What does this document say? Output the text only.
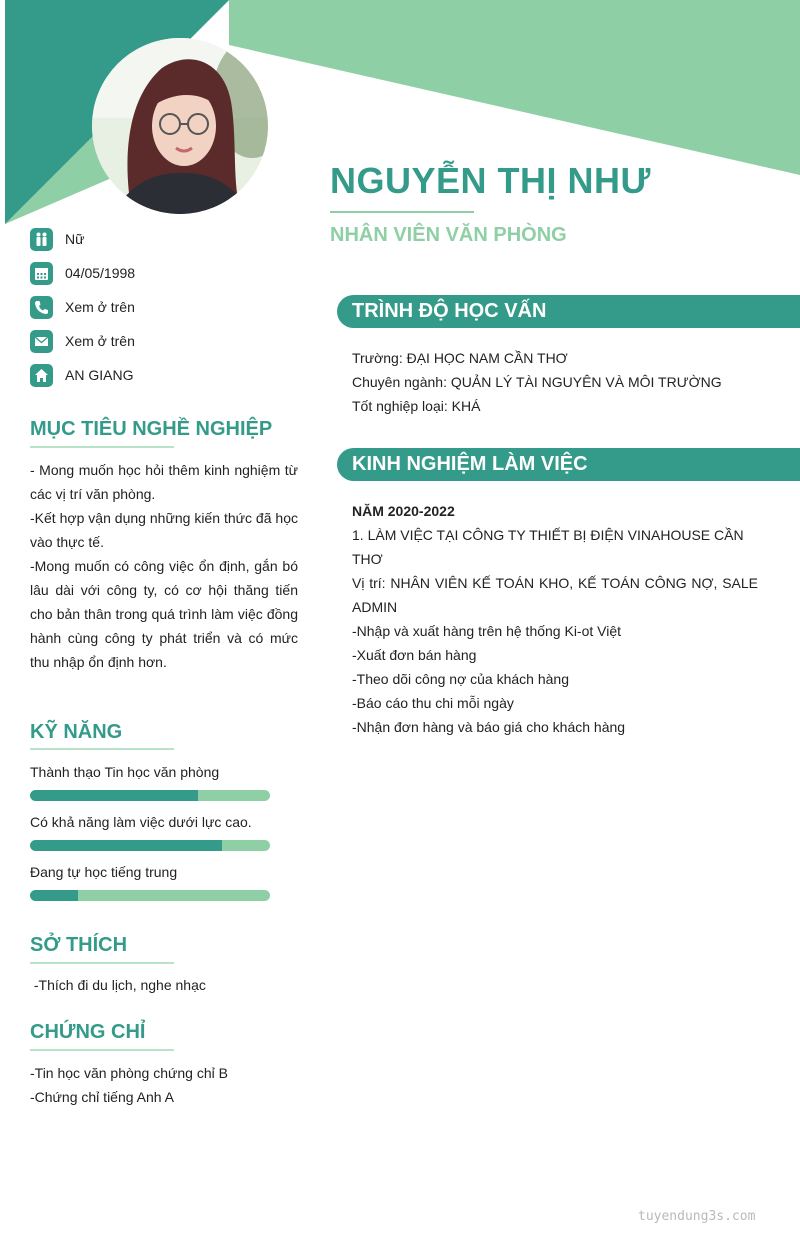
NGUYỄN THỊ NHƯ
NHÂN VIÊN VĂN PHÒNG
Nữ
04/05/1998
Xem ở trên
Xem ở trên
AN GIANG
MỤC TIÊU NGHỀ NGHIỆP

- Mong muốn học hỏi thêm kinh nghiệm từ các vị trí văn phòng.

-Kết hợp vận dụng những kiến thức đã học vào thực tế.

-Mong muốn có công việc ổn định, gắn bó lâu dài với công ty, có cơ hội thăng tiến cho bản thân trong quá trình làm việc đồng hành cùng công ty phát triển và có mức thu nhập ổn định hơn.

KỸ NĂNG
Thành thạo Tin học văn phòng
Có khả năng làm việc dưới lực cao.
Đang tự học tiếng trung
SỞ THÍCH
-Thích đi du lịch, nghe nhạc
CHỨNG CHỈ

-Tin học văn phòng chứng chỉ B

-Chứng chỉ tiếng Anh A

TRÌNH ĐỘ HỌC VẤN

Trường: ĐẠI HỌC NAM CẦN THƠ

Chuyên ngành: QUẢN LÝ TÀI NGUYÊN VÀ MÔI TRƯỜNG

Tốt nghiệp loại: KHÁ

KINH NGHIỆM LÀM VIỆC

NĂM 2020-2022

1. LÀM VIỆC TẠI CÔNG TY THIẾT BỊ ĐIỆN VINAHOUSE CẦN THƠ

Vị trí: NHÂN VIÊN KẾ TOÁN KHO, KẾ TOÁN CÔNG NỢ, SALE ADMIN

-Nhập và xuất hàng trên hệ thống Ki-ot Việt

-Xuất đơn bán hàng

-Theo dõi công nợ của khách hàng

-Báo cáo thu chi mỗi ngày

-Nhận đơn hàng và báo giá cho khách hàng

tuyendung3s.com
